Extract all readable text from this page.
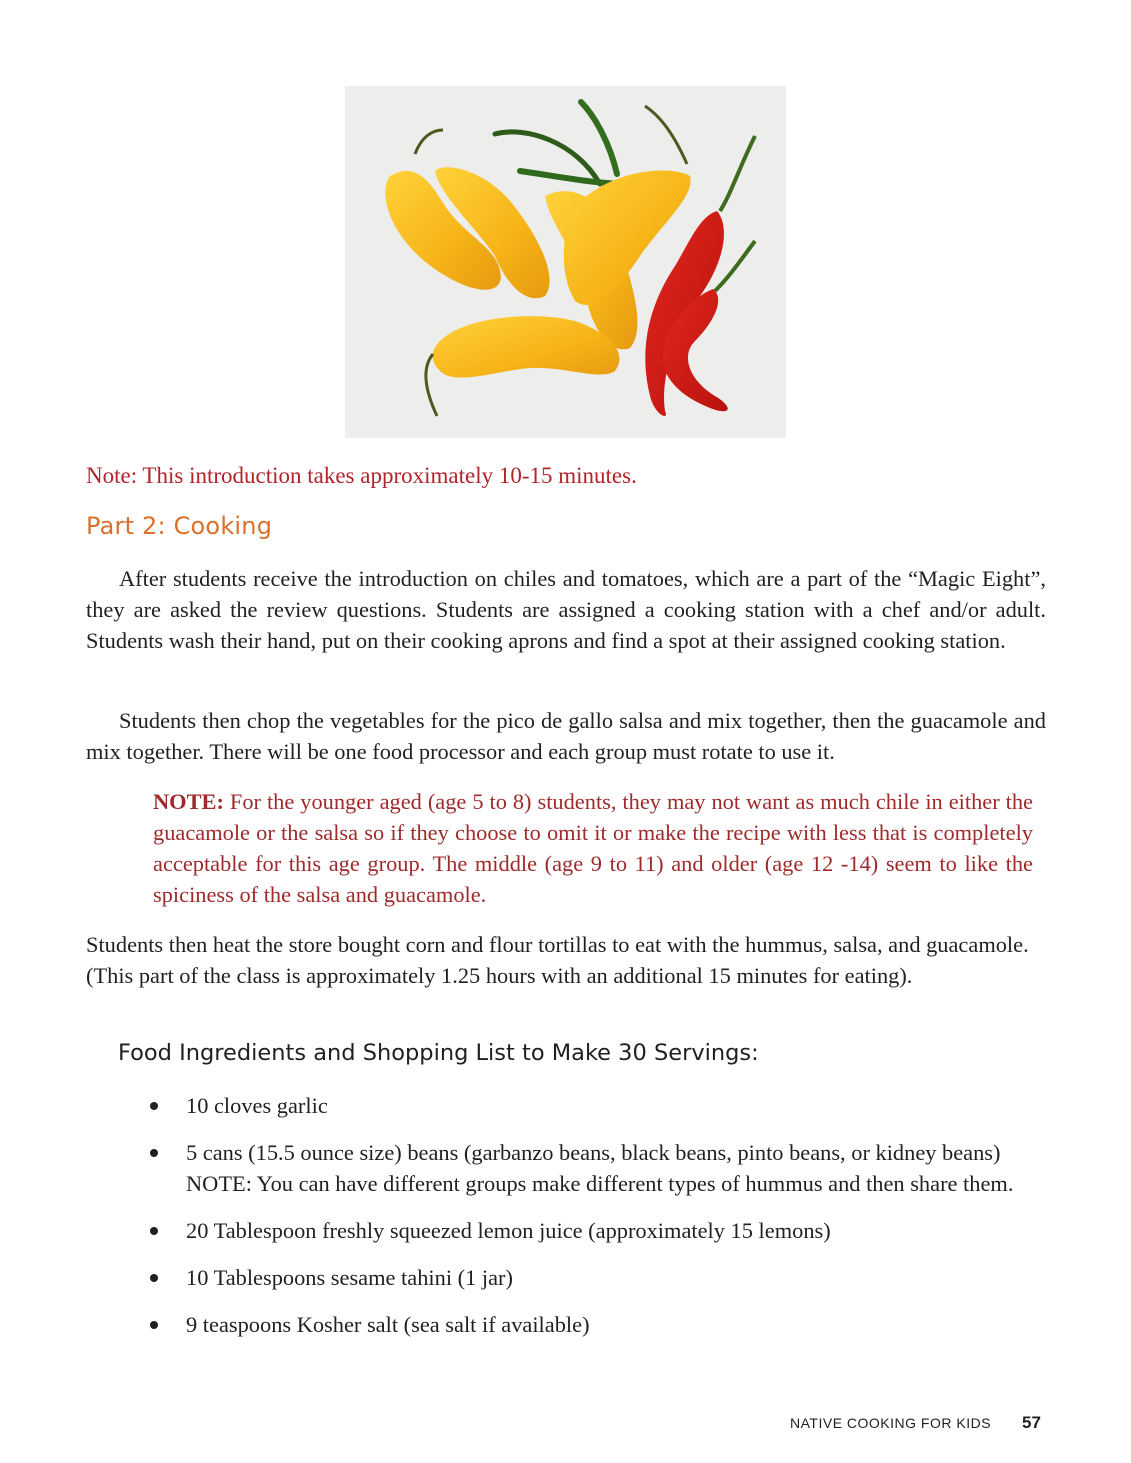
Note: This introduction takes approximately 10-15 minutes.
Part 2: Cooking

After students receive the introduction on chiles and tomatoes, which are a part of the “Magic Eight”, they are asked the review questions. Students are assigned a cooking station with a chef and/or adult. Students wash their hand, put on their cooking aprons and find a spot at their assigned cooking station.

Students then chop the vegetables for the pico de gallo salsa and mix together, then the guacamole and mix together. There will be one food processor and each group must rotate to use it.

NOTE: For the younger aged (age 5 to 8) students, they may not want as much chile in either the guacamole or the salsa so if they choose to omit it or make the recipe with less that is completely acceptable for this age group. The middle (age 9 to 11) and older (age 12 -14) seem to like the spiciness of the salsa and guacamole.

Students then heat the store bought corn and flour tortillas to eat with the hummus, salsa, and guacamole. (This part of the class is approximately 1.25 hours with an additional 15 minutes for eating).

Food Ingredients and Shopping List to Make 30 Servings:
10 cloves garlic
5 cans (15.5 ounce size) beans (garbanzo beans, black beans, pinto beans, or kidney beans) NOTE: You can have different groups make different types of hummus and then share them.
20 Tablespoon freshly squeezed lemon juice (approximately 15 lemons)
10 Tablespoons sesame tahini (1 jar)
9 teaspoons Kosher salt (sea salt if available)
NATIVE COOKING FOR KIDS 57
